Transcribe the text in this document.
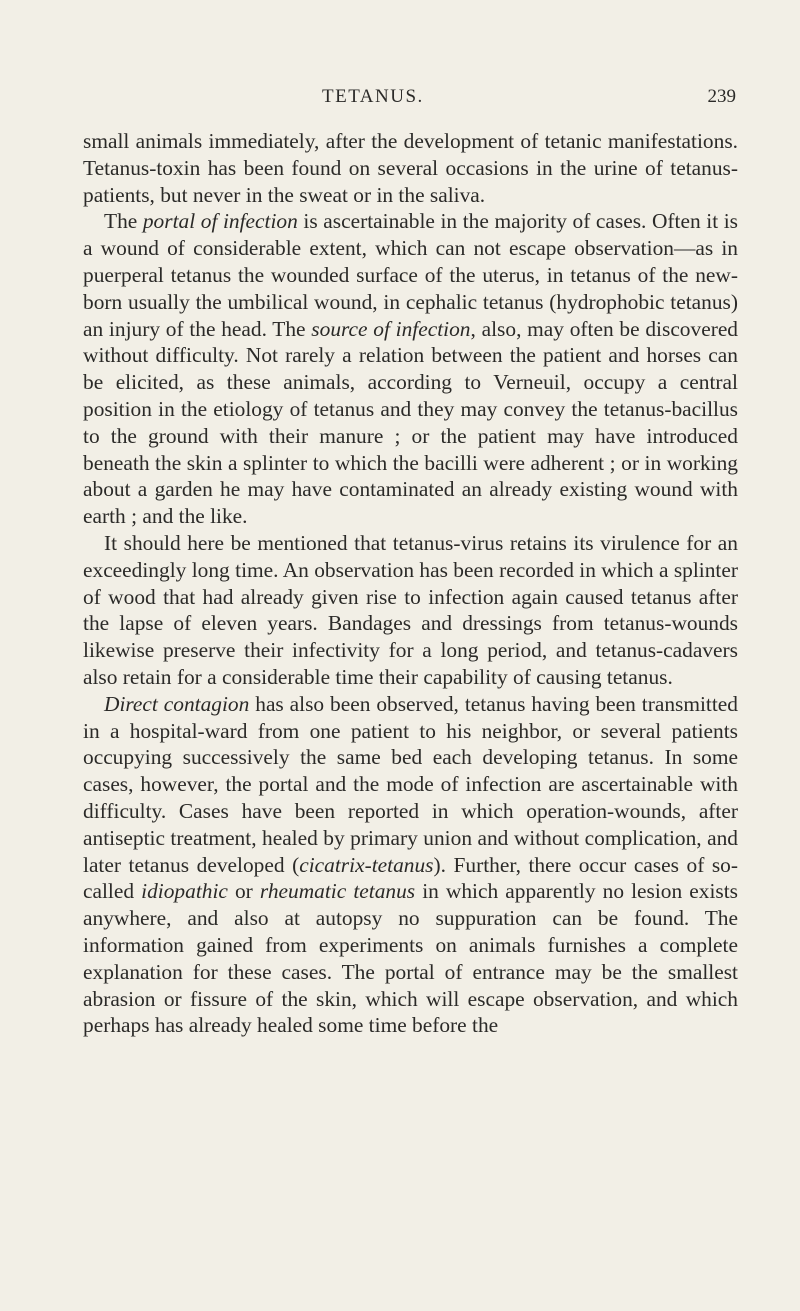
TETANUS.	239

small animals immediately, after the development of tetanic manifestations. Tetanus-toxin has been found on several occasions in the urine of tetanus-patients, but never in the sweat or in the saliva.

The portal of infection is ascertainable in the majority of cases. Often it is a wound of considerable extent, which can not escape observation—as in puerperal tetanus the wounded surface of the uterus, in tetanus of the new-born usually the umbilical wound, in cephalic tetanus (hydrophobic tetanus) an injury of the head. The source of infection, also, may often be discovered without difficulty. Not rarely a relation between the patient and horses can be elicited, as these animals, according to Verneuil, occupy a central position in the etiology of tetanus and they may convey the tetanus-bacillus to the ground with their manure ; or the patient may have introduced beneath the skin a splinter to which the bacilli were adherent ; or in working about a garden he may have contaminated an already existing wound with earth ; and the like.

It should here be mentioned that tetanus-virus retains its virulence for an exceedingly long time. An observation has been recorded in which a splinter of wood that had already given rise to infection again caused tetanus after the lapse of eleven years. Bandages and dressings from tetanus-wounds likewise preserve their infectivity for a long period, and tetanus-cadavers also retain for a considerable time their capability of causing tetanus.

Direct contagion has also been observed, tetanus having been transmitted in a hospital-ward from one patient to his neighbor, or several patients occupying successively the same bed each developing tetanus. In some cases, however, the portal and the mode of infection are ascertainable with difficulty. Cases have been reported in which operation-wounds, after antiseptic treatment, healed by primary union and without complication, and later tetanus developed (cicatrix-tetanus). Further, there occur cases of so-called idiopathic or rheumatic tetanus in which apparently no lesion exists anywhere, and also at autopsy no suppuration can be found. The information gained from experiments on animals furnishes a complete explanation for these cases. The portal of entrance may be the smallest abrasion or fissure of the skin, which will escape observation, and which perhaps has already healed some time before the
